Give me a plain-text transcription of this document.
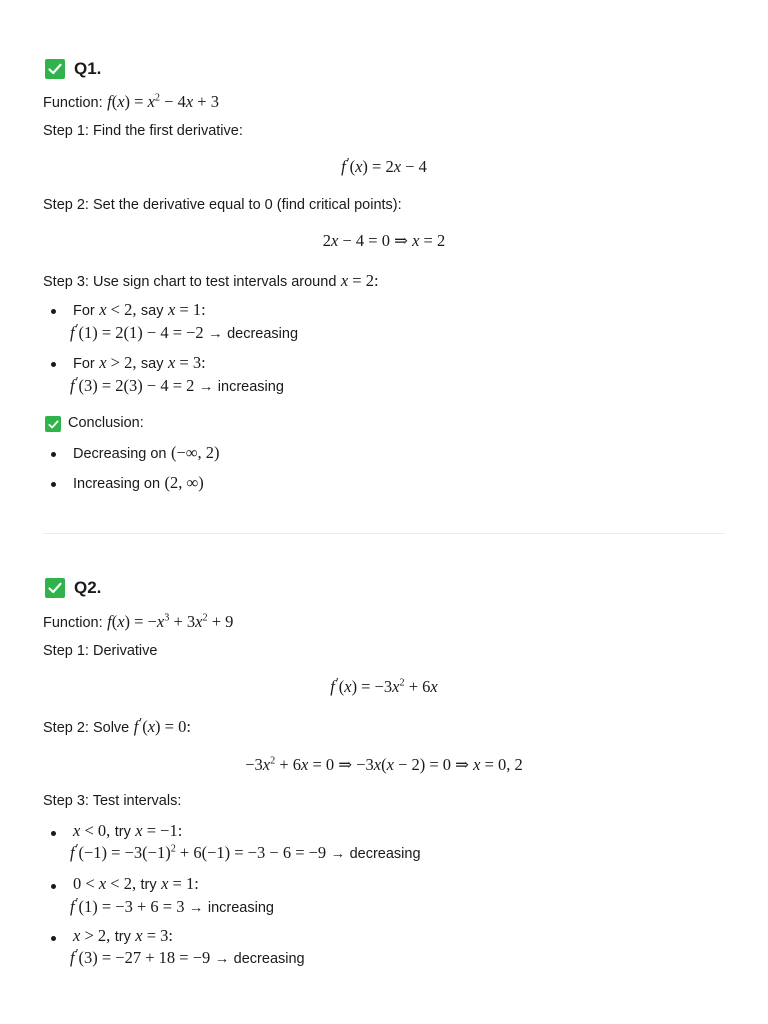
Q1.
Function: $f(x) = x^2 - 4x + 3$
Step 1: Find the first derivative:
f′(x) = 2x − 4
Step 2: Set the derivative equal to 0 (find critical points):
2x − 4 = 0 ⇒ x = 2
Step 3: Use sign chart to test intervals around x = 2:
For x < 2, say x = 1:
f′(1) = 2(1) − 4 = −2 → decreasing
For x > 2, say x = 3:
f′(3) = 2(3) − 4 = 2 → increasing
Conclusion:
Decreasing on (−∞, 2)
Increasing on (2, ∞)
Q2.
Function: $f(x) = -x^3 + 3x^2 + 9$
Step 1: Derivative
$f'(x) = -3x^2 + 6x$
Step 2: Solve f′(x) = 0:
$-3x^2 + 6x = 0$ ⇒ −3x(x − 2) = 0 ⇒ x = 0, 2
Step 3: Test intervals:
x < 0, try x = −1:
$f'(-1) = -3(-1)^2 + 6(-1) = -3 - 6 = -9$ → decreasing
0 < x < 2, try x = 1:
f′(1) = −3 + 6 = 3 → increasing
x > 2, try x = 3:
f′(3) = −27 + 18 = −9 → decreasing
